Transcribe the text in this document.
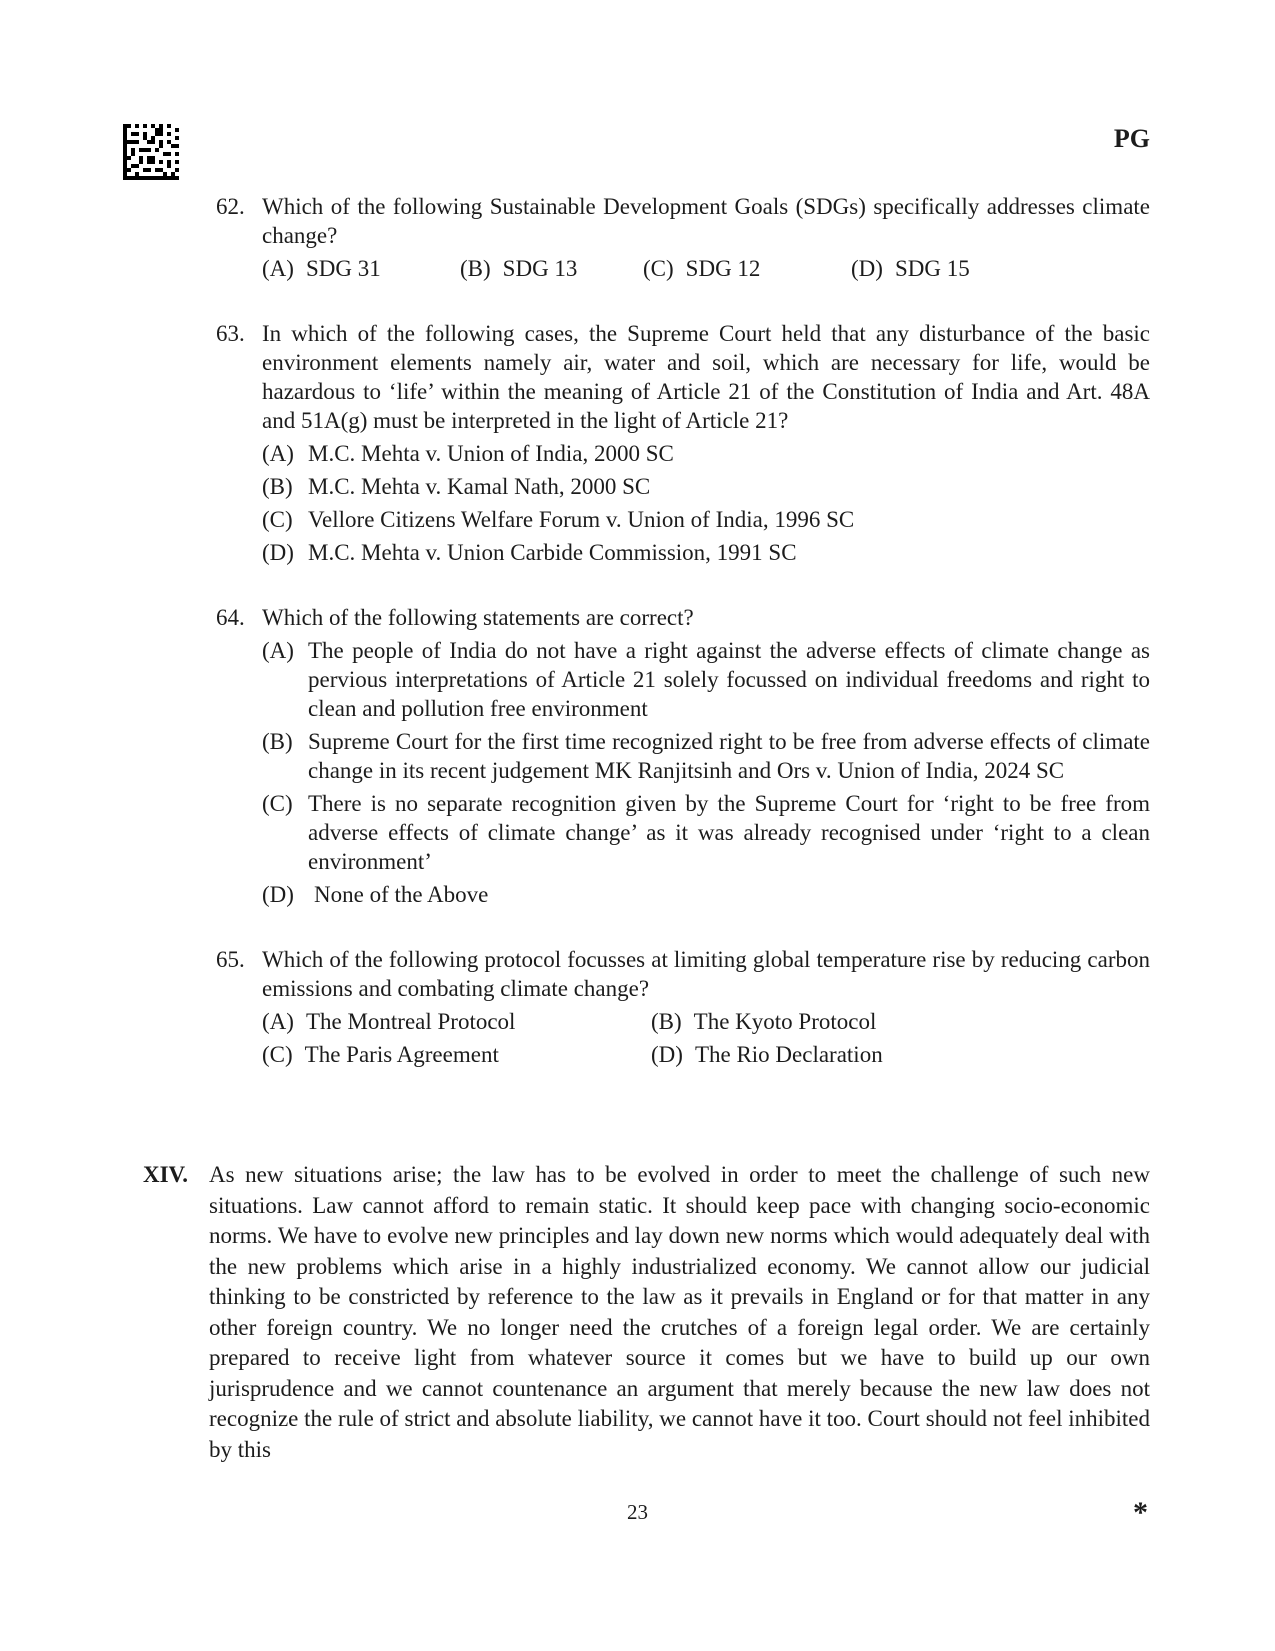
PG
62. Which of the following Sustainable Development Goals (SDGs) specifically addresses climate change?
(A) SDG 31	(B) SDG 13	(C) SDG 12	(D) SDG 15
63. In which of the following cases, the Supreme Court held that any disturbance of the basic environment elements namely air, water and soil, which are necessary for life, would be hazardous to ‘life’ within the meaning of Article 21 of the Constitution of India and Art. 48A and 51A(g) must be interpreted in the light of Article 21?
(A) M.C. Mehta v. Union of India, 2000 SC
(B) M.C. Mehta v. Kamal Nath, 2000 SC
(C) Vellore Citizens Welfare Forum v. Union of India, 1996 SC
(D) M.C. Mehta v. Union Carbide Commission, 1991 SC
64. Which of the following statements are correct?
(A) The people of India do not have a right against the adverse effects of climate change as pervious interpretations of Article 21 solely focussed on individual freedoms and right to clean and pollution free environment
(B) Supreme Court for the first time recognized right to be free from adverse effects of climate change in its recent judgement MK Ranjitsinh and Ors v. Union of India, 2024 SC
(C) There is no separate recognition given by the Supreme Court for ‘right to be free from adverse effects of climate change’ as it was already recognised under ‘right to a clean environment’
(D) None of the Above
65. Which of the following protocol focusses at limiting global temperature rise by reducing carbon emissions and combating climate change?
(A) The Montreal Protocol	(B) The Kyoto Protocol
(C) The Paris Agreement	(D) The Rio Declaration
XIV. As new situations arise; the law has to be evolved in order to meet the challenge of such new situations. Law cannot afford to remain static. It should keep pace with changing socio-economic norms. We have to evolve new principles and lay down new norms which would adequately deal with the new problems which arise in a highly industrialized economy. We cannot allow our judicial thinking to be constricted by reference to the law as it prevails in England or for that matter in any other foreign country. We no longer need the crutches of a foreign legal order. We are certainly prepared to receive light from whatever source it comes but we have to build up our own jurisprudence and we cannot countenance an argument that merely because the new law does not recognize the rule of strict and absolute liability, we cannot have it too. Court should not feel inhibited by this
23	*
